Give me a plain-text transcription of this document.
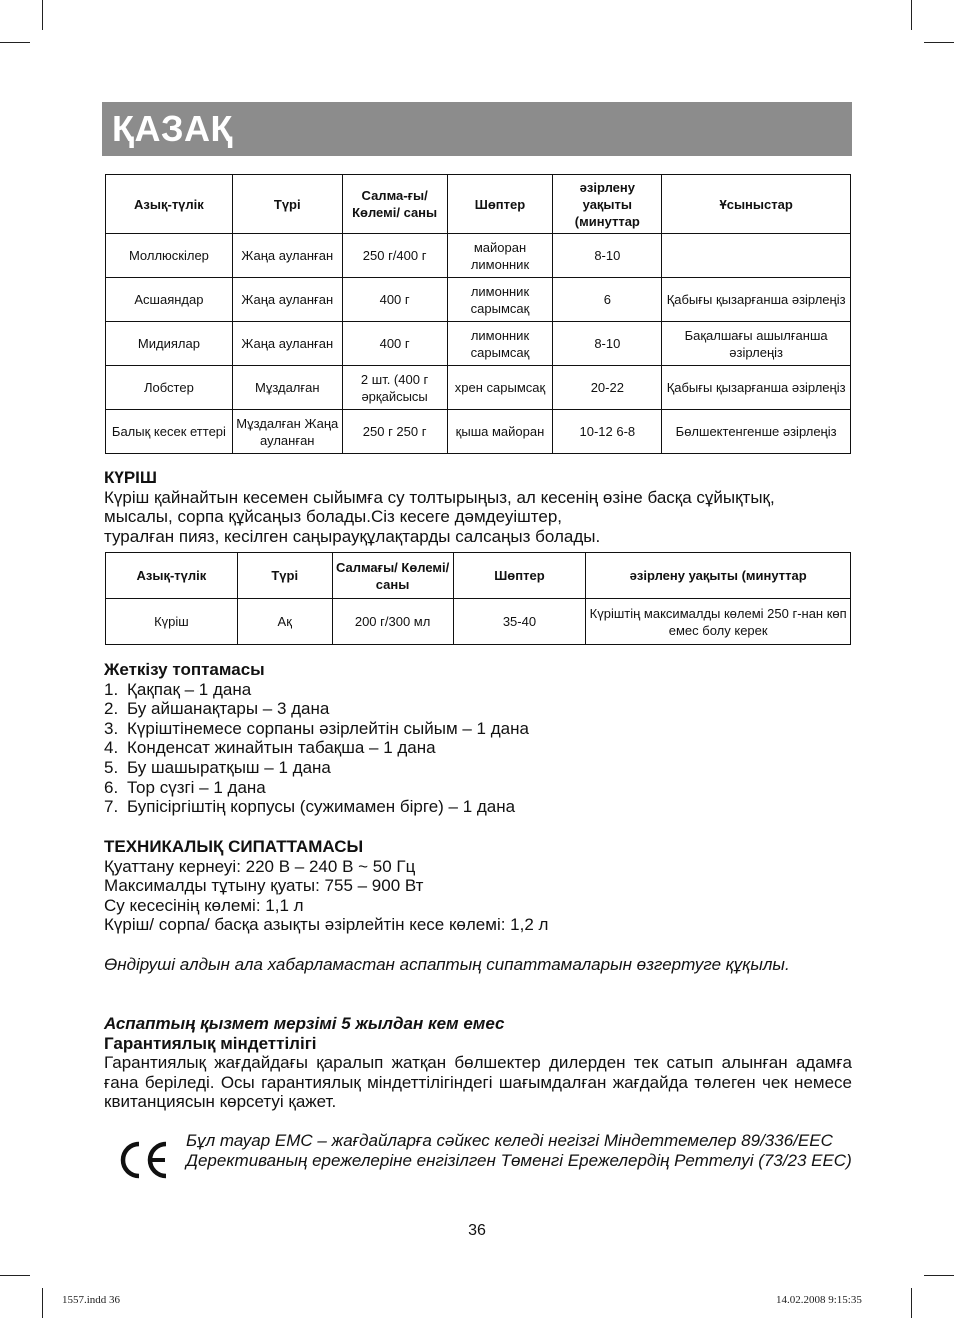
ҚАЗАҚ
Азық-түлік	Түрі	Салма-ғы/ Көлемі/ саны	Шөптер	әзірлену уақыты (минуттар	Ұсыныстар
Моллюскілер	Жаңа ауланған	250 г/400 г	майоран лимонник	8-10	
Асшаяндар	Жаңа ауланған	400 г	лимонник сарымсақ	6	Қабығы қызарғанша әзірлеңіз
Мидиялар	Жаңа ауланған	400 г	лимонник сарымсақ	8-10	Бақалшағы ашылғанша әзірлеңіз
Лобстер	Мұздалған	2 шт. (400 г әрқайсысы	хрен сарымсақ	20-22	Қабығы қызарғанша әзірлеңіз
Балық кесек еттері	Мұздалған Жаңа ауланған	250 г 250 г	қыша майоран	10-12 6-8	Бөлшектенгенше әзірлеңіз
КҮРІШ
Күріш қайнайтын кесемен сыйымға су толтырыңыз, ал кесенің өзіне басқа сұйықтық,
мысалы, сорпа құйсаңыз болады.Сіз кесеге дәмдеуіштер,
туралған пияз, кесілген саңырауқұлақтарды салсаңыз болады.
Азық-түлік	Түрі	Салмағы/ Көлемі/ саны	Шөптер	әзірлену уақыты (минуттар
Күріш	Ақ	200 г/300 мл	35-40	Күріштің максималды көлемі 250 г-нан көп емес болу керек
Жеткізу топтамасы
1. Қақпақ – 1 дана
2. Бу айшанақтары – 3 дана
3. Күріштінемесе сорпаны әзірлейтін сыйым – 1 дана
4. Конденсат жинайтын табақша – 1 дана
5. Бу шашыратқыш – 1 дана
6. Тор сүзгі – 1 дана
7. Бупісіргіштің корпусы (сужимамен бірге) – 1 дана
ТЕХНИКАЛЫҚ СИПАТТАМАСЫ
Қуаттану кернеуі: 220 В – 240 В ~ 50 Гц
Максималды тұтыну қуаты: 755 – 900 Вт
Су кесесінің көлемі: 1,1 л
Күріш/ сорпа/ басқа азықты әзірлейтін кесе көлемі: 1,2 л
Өндіруші алдын ала хабарламастан аспаптың сипаттамаларын өзгертуге құқылы.
Аспаптың қызмет мерзімі 5 жылдан кем емес
Гарантиялық міндеттілігі
Гарантиялық жағдайдағы қаралып жатқан бөлшектер дилерден тек сатып алынған адамға ғана беріледі. Осы гарантиялық міндеттілігіндегі шағымдалған жағдайда төлеген чек немесе квитанциясын көрсетуі қажет.
Бұл тауар ЕМС – жағдайларға сәйкес келеді негізгі Міндеттемелер 89/336/ЕЕС Дерективаның ережелеріне енгізілген Төменгі Ережелердің Реттелуі (73/23 ЕЕС)
36
1557.indd 36	14.02.2008 9:15:35
